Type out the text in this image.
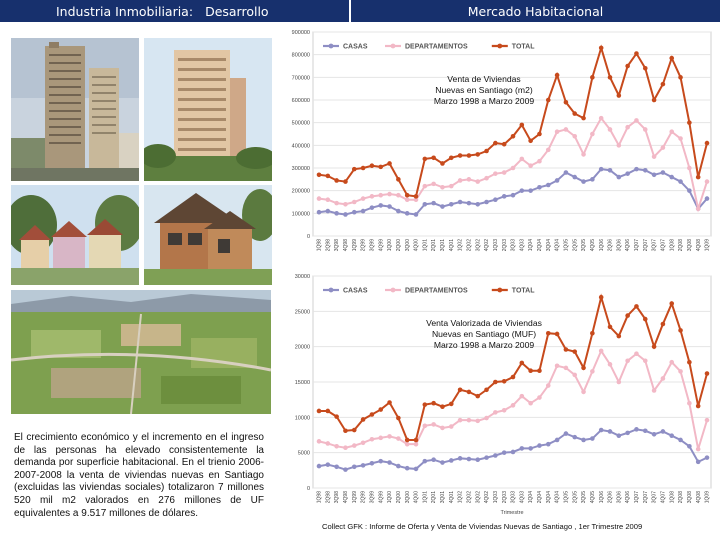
Industria Inmobiliaria: Desarrollo	Mercado Habitacional
0
100000
200000
300000
400000
500000
600000
700000
800000
900000
1Q98 2Q98 3Q98 4Q98 1Q99 2Q99 3Q99 4Q99 1Q00 2Q00 3Q00 4Q00 1Q01 2Q01 3Q01 4Q01 1Q02 2Q02 3Q02 4Q02 1Q03 2Q03 3Q03 4Q03 1Q04 2Q04 3Q04 4Q04 1Q05 2Q05 3Q05 4Q05 1Q06 2Q06 3Q06 4Q06 1Q07 2Q07 3Q07 4Q07 1Q08 2Q08 3Q08 4Q08 1Q09
CASAS	DEPARTAMENTOS	TOTAL
Venta de Viviendas
Nuevas en Santiago (m2)
Marzo 1998 a Marzo 2009
0
5000
10000
15000
20000
25000
30000
1Q98 2Q98 3Q98 4Q98 1Q99 2Q99 3Q99 4Q99 1Q00 2Q00 3Q00 4Q00 1Q01 2Q01 3Q01 4Q01 1Q02 2Q02 3Q02 4Q02 1Q03 2Q03 3Q03 4Q03 1Q04 2Q04 3Q04 4Q04 1Q05 2Q05 3Q05 4Q05 1Q06 2Q06 3Q06 4Q06 1Q07 2Q07 3Q07 4Q07 1Q08 2Q08 3Q08 4Q08 1Q09
Trimestre
CASAS	DEPARTAMENTOS	TOTAL
Venta Valorizada de Viviendas
Nuevas en Santiago (MUF)
Marzo 1998 a Marzo 2009
El crecimiento económico y el incremento en el ingreso de las personas ha elevado consistentemente la demanda por superficie habitacional. En el trienio 2006-2007-2008 la venta de viviendas nuevas en Santiago (excluidas las viviendas sociales) totalizaron 7 millones 520 mil m2 valorados en 276 millones de UF equivalentes a 9.517 millones de dólares.
Collect GFK : Informe de Oferta y Venta de Viviendas Nuevas de Santiago , 1er Trimestre 2009
